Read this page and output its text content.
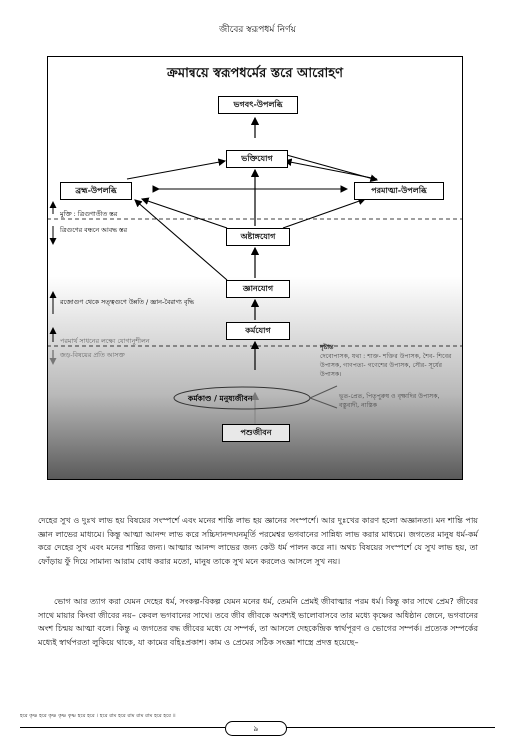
জীবের স্বরূপধর্ম নির্ণয়
ক্রমান্বয়ে স্বরূপধর্মের স্তরে আরোহণ
ভগবৎ-উপলব্ধি
ভক্তিযোগ
ব্রহ্ম-উপলব্ধি	পরমাত্মা-উপলব্ধি
অষ্টাঙ্গযোগ
জ্ঞানযোগ
কর্মযোগ
কর্মকাণ্ড / মনুষ্যজীবন
পশুজীবন
মুক্তি : ত্রিগুণাতীত স্তর
ত্রিগুণের বন্ধনে আবদ্ধ স্তর
রজোগুণ থেকে সত্ত্বগুণে উন্নতি / জ্ঞান-বৈরাগ্য বৃদ্ধি
পরমার্থ সাধনের লক্ষ্যে যোগানুশীলন
জড়-বিষয়ের প্রতি আসক্ত
দৃষ্টান্ত
দেবোপাসক, যথা : শাক্ত- শক্তির উপাসক, শৈব- শিবের উপাসক, গাণপত্য- গণেশের উপাসক, সৌর- সূর্যের উপাসক।
ভূত-প্রেত, পিতৃপুরুষ ও বৃক্ষাদির উপাসক, বস্তুবাদী, নাস্তিক
দেহের সুখ ও দুঃখ লাভ হয় বিষয়ের সংস্পর্শে এবং মনের শান্তি লাভ হয় জ্ঞানের সংস্পর্শে। আর দুঃখের কারণ হলো অজ্ঞানতা। মন শান্তি পায় জ্ঞান লাভের মাধ্যমে। কিন্তু আত্মা আনন্দ লাভ করে সচ্চিদানন্দঘনমূর্তি পরমেশ্বর ভগবানের সান্নিধ্য লাভ করার মাধ্যমে। জগতের মানুষ ধর্ম-কর্ম করে দেহের সুখ এবং মনের শান্তির জন্য। আত্মার আনন্দ লাভের জন্য কেউ ধর্ম পালন করে না। অথচ বিষয়ের সংস্পর্শে যে সুখ লাভ হয়, তা ফোঁড়ায় ফুঁ দিয়ে সামান্য আরাম বোধ করার মতো, মানুষ তাকে সুখ মনে করলেও আসলে সুখ নয়।
ভোগ আর ত্যাগ করা যেমন দেহের ধর্ম, সংকল্প-বিকল্প যেমন মনের ধর্ম, তেমনি প্রেমই জীবাত্মার পরম ধর্ম। কিন্তু কার সাথে প্রেম? জীবের সাথে মায়ার কিংবা জীবের নয়– কেবল ভগবানের সাথে। তবে জীব জীবকে অবশ্যই ভালোবাসবে তার মধ্যে কৃষ্ণের অধিষ্ঠান জেনে, ভগবানের অংশ চিন্ময় আত্মা বলে। কিন্তু এ জগতের বদ্ধ জীবের মধ্যে যে সম্পর্ক, তা আসলে দেহকেন্দ্রিক স্বার্থপূরণ ও ভোগের সম্পর্ক। প্রত্যেক সম্পর্কের মধ্যেই স্বার্থপরতা লুকিয়ে থাকে, যা কামের বহিঃপ্রকাশ। কাম ও প্রেমের সঠিক সংজ্ঞা শাস্ত্রে প্রদত্ত হয়েছে–
হরে কৃষ্ণ হরে কৃষ্ণ কৃষ্ণ কৃষ্ণ হরে হরে । হরে রাম হরে রাম রাম রাম হরে হরে ॥
৯
